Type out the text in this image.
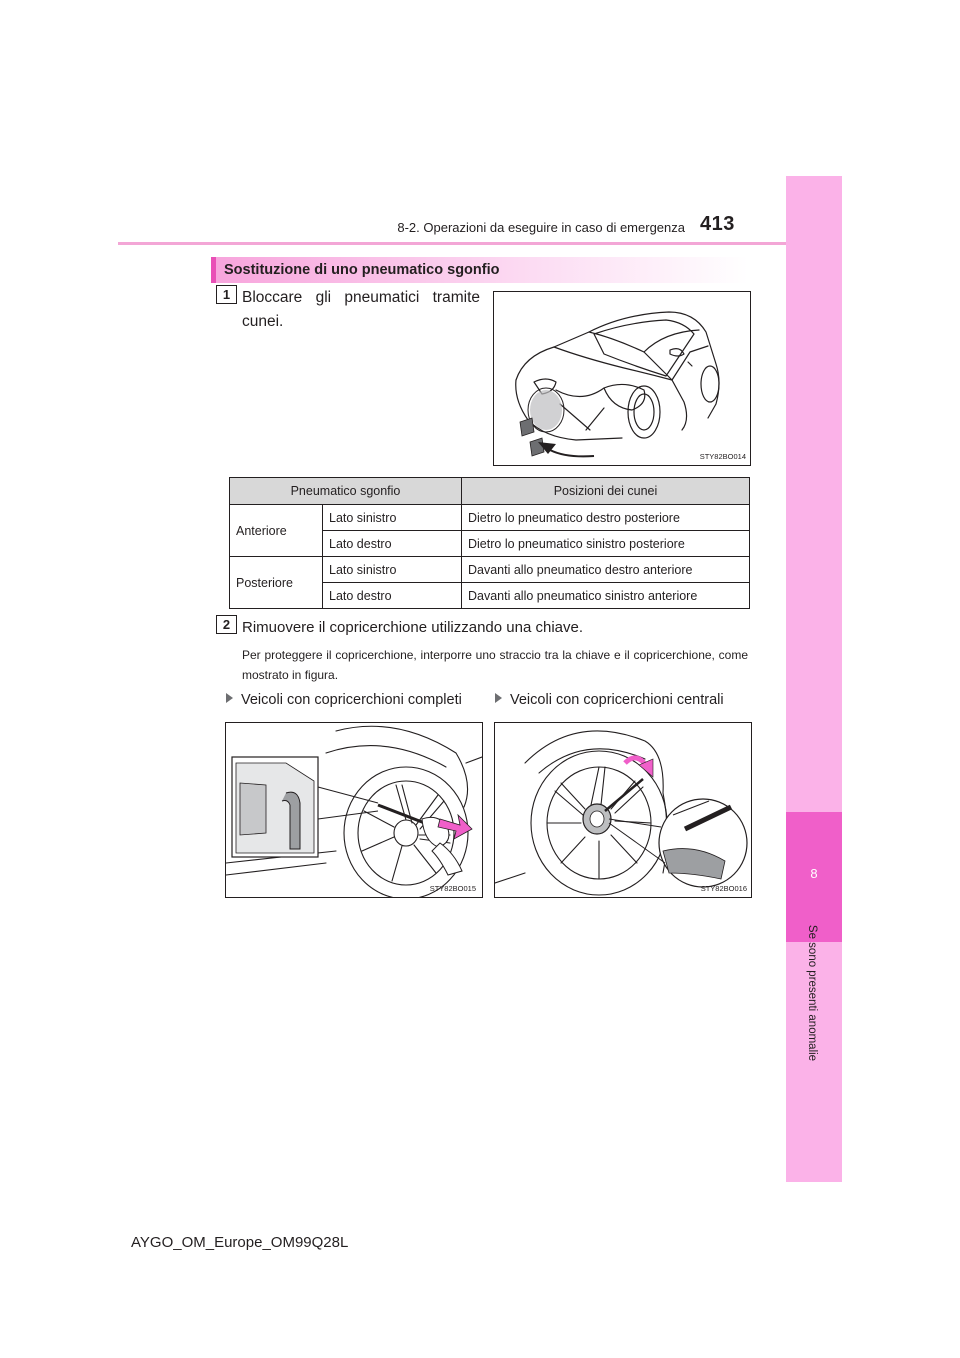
8-2. Operazioni da eseguire in caso di emergenza 413
8
Se sono presenti anomalie
Sostituzione di uno pneumatico sgonfio
1 Bloccare gli pneumatici tramite
cunei.
STY82BO014
Pneumatico sgonfio		Posizioni dei cunei
Anteriore	Lato sinistro	Dietro lo pneumatico destro posteriore
	Lato destro	Dietro lo pneumatico sinistro posteriore
Posteriore	Lato sinistro	Davanti allo pneumatico destro anteriore
	Lato destro	Davanti allo pneumatico sinistro anteriore
2 Rimuovere il copricerchione utilizzando una chiave.
Per proteggere il copricerchione, interporre uno straccio tra la chiave e il copricerchione, come mostrato in figura.
Veicoli con copricerchioni completi	Veicoli con copricerchioni centrali
STY82BO015	STY82BO016
AYGO_OM_Europe_OM99Q28L
